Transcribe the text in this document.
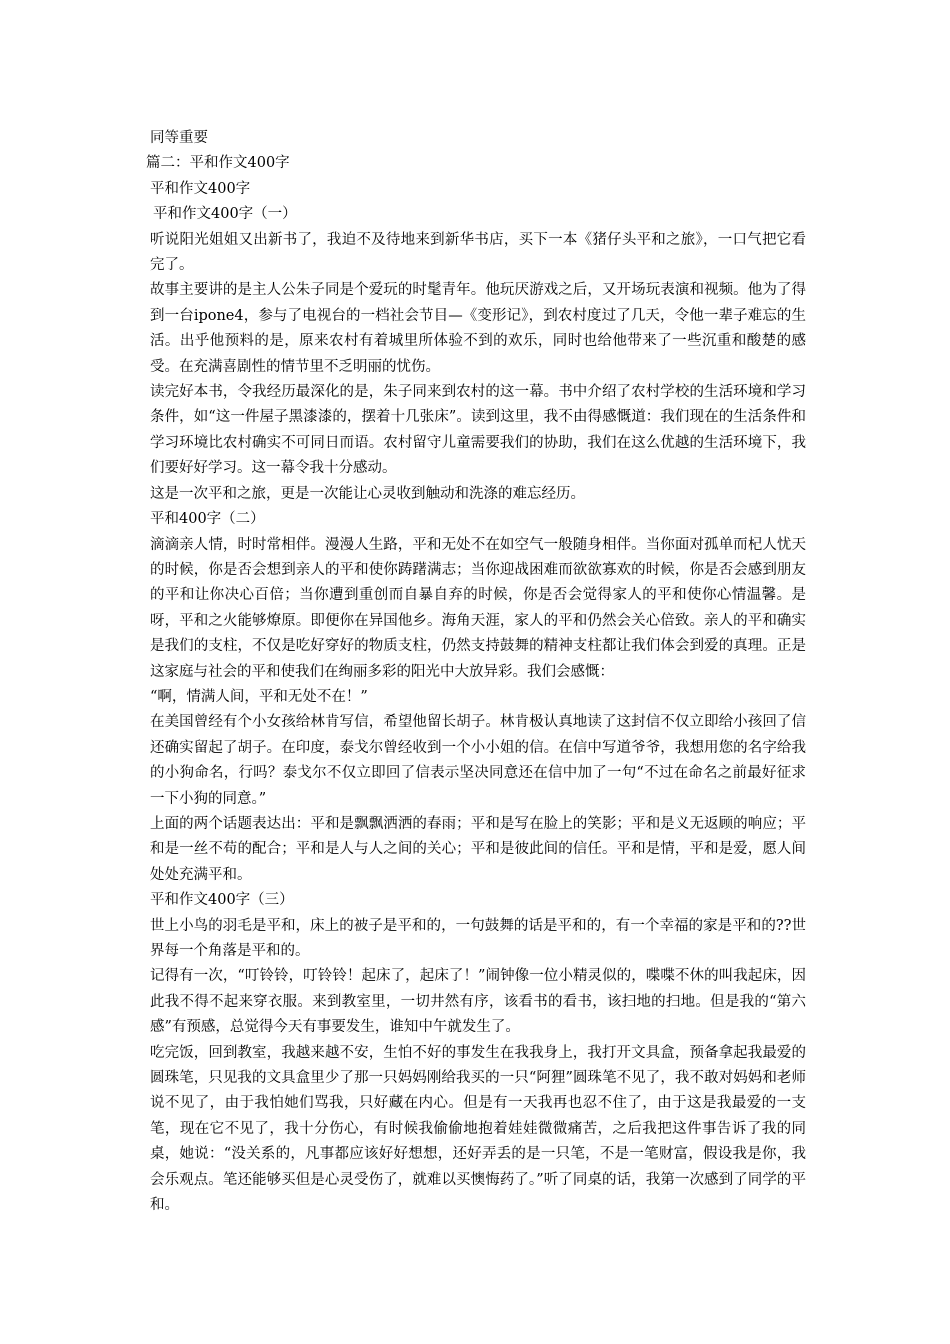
同等重要

篇二：平和作文400字

平和作文400字

平和作文400字（一）

听说阳光姐姐又出新书了，我迫不及待地来到新华书店，买下一本《猪仔头平和之旅》，一口气把它看完了。

故事主要讲的是主人公朱子同是个爱玩的时髦青年。他玩厌游戏之后，又开场玩表演和视频。他为了得到一台ipone4，参与了电视台的一档社会节目—《变形记》，到农村度过了几天，令他一辈子难忘的生活。出乎他预料的是，原来农村有着城里所体验不到的欢乐，同时也给他带来了一些沉重和酸楚的感受。在充满喜剧性的情节里不乏明丽的忧伤。

读完好本书，令我经历最深化的是，朱子同来到农村的这一幕。书中介绍了农村学校的生活环境和学习条件，如“这一件屋子黑漆漆的，摆着十几张床”。读到这里，我不由得感慨道：我们现在的生活条件和学习环境比农村确实不可同日而语。农村留守儿童需要我们的协助，我们在这么优越的生活环境下，我们要好好学习。这一幕令我十分感动。

这是一次平和之旅，更是一次能让心灵收到触动和洗涤的难忘经历。

平和400字（二）

滴滴亲人情，时时常相伴。漫漫人生路，平和无处不在如空气一般随身相伴。当你面对孤单而杞人忧天的时候，你是否会想到亲人的平和使你踌躇满志；当你迎战困难而欲欲寡欢的时候，你是否会感到朋友的平和让你决心百倍；当你遭到重创而自暴自弃的时候，你是否会觉得家人的平和使你心情温馨。是呀，平和之火能够燎原。即便你在异国他乡。海角天涯，家人的平和仍然会关心倍致。亲人的平和确实是我们的支柱，不仅是吃好穿好的物质支柱，仍然支持鼓舞的精神支柱都让我们体会到爱的真理。正是这家庭与社会的平和使我们在绚丽多彩的阳光中大放异彩。我们会感慨：

“啊，情满人间，平和无处不在！”

在美国曾经有个小女孩给林肯写信，希望他留长胡子。林肯极认真地读了这封信不仅立即给小孩回了信还确实留起了胡子。在印度，泰戈尔曾经收到一个小小姐的信。在信中写道爷爷，我想用您的名字给我的小狗命名，行吗？泰戈尔不仅立即回了信表示坚决同意还在信中加了一句“不过在命名之前最好征求一下小狗的同意。”

上面的两个话题表达出：平和是飘飘洒洒的春雨；平和是写在脸上的笑影；平和是义无返顾的响应；平和是一丝不苟的配合；平和是人与人之间的关心；平和是彼此间的信任。平和是情，平和是爱，愿人间处处充满平和。

平和作文400字（三）

世上小鸟的羽毛是平和，床上的被子是平和的，一句鼓舞的话是平和的，有一个幸福的家是平和的??世界每一个角落是平和的。

记得有一次，“叮铃铃，叮铃铃！起床了，起床了！”闹钟像一位小精灵似的，喋喋不休的叫我起床，因此我不得不起来穿衣服。来到教室里，一切井然有序，该看书的看书，该扫地的扫地。但是我的“第六感”有预感，总觉得今天有事要发生，谁知中午就发生了。

吃完饭，回到教室，我越来越不安，生怕不好的事发生在我我身上，我打开文具盒，预备拿起我最爱的圆珠笔，只见我的文具盒里少了那一只妈妈刚给我买的一只“阿狸”圆珠笔不见了，我不敢对妈妈和老师说不见了，由于我怕她们骂我，只好藏在内心。但是有一天我再也忍不住了，由于这是我最爱的一支笔，现在它不见了，我十分伤心，有时候我偷偷地抱着娃娃微微痛苦，之后我把这件事告诉了我的同桌，她说：“没关系的，凡事都应该好好想想，还好弄丢的是一只笔，不是一笔财富，假设我是你，我会乐观点。笔还能够买但是心灵受伤了，就难以买懊悔药了。”听了同桌的话，我第一次感到了同学的平和。
